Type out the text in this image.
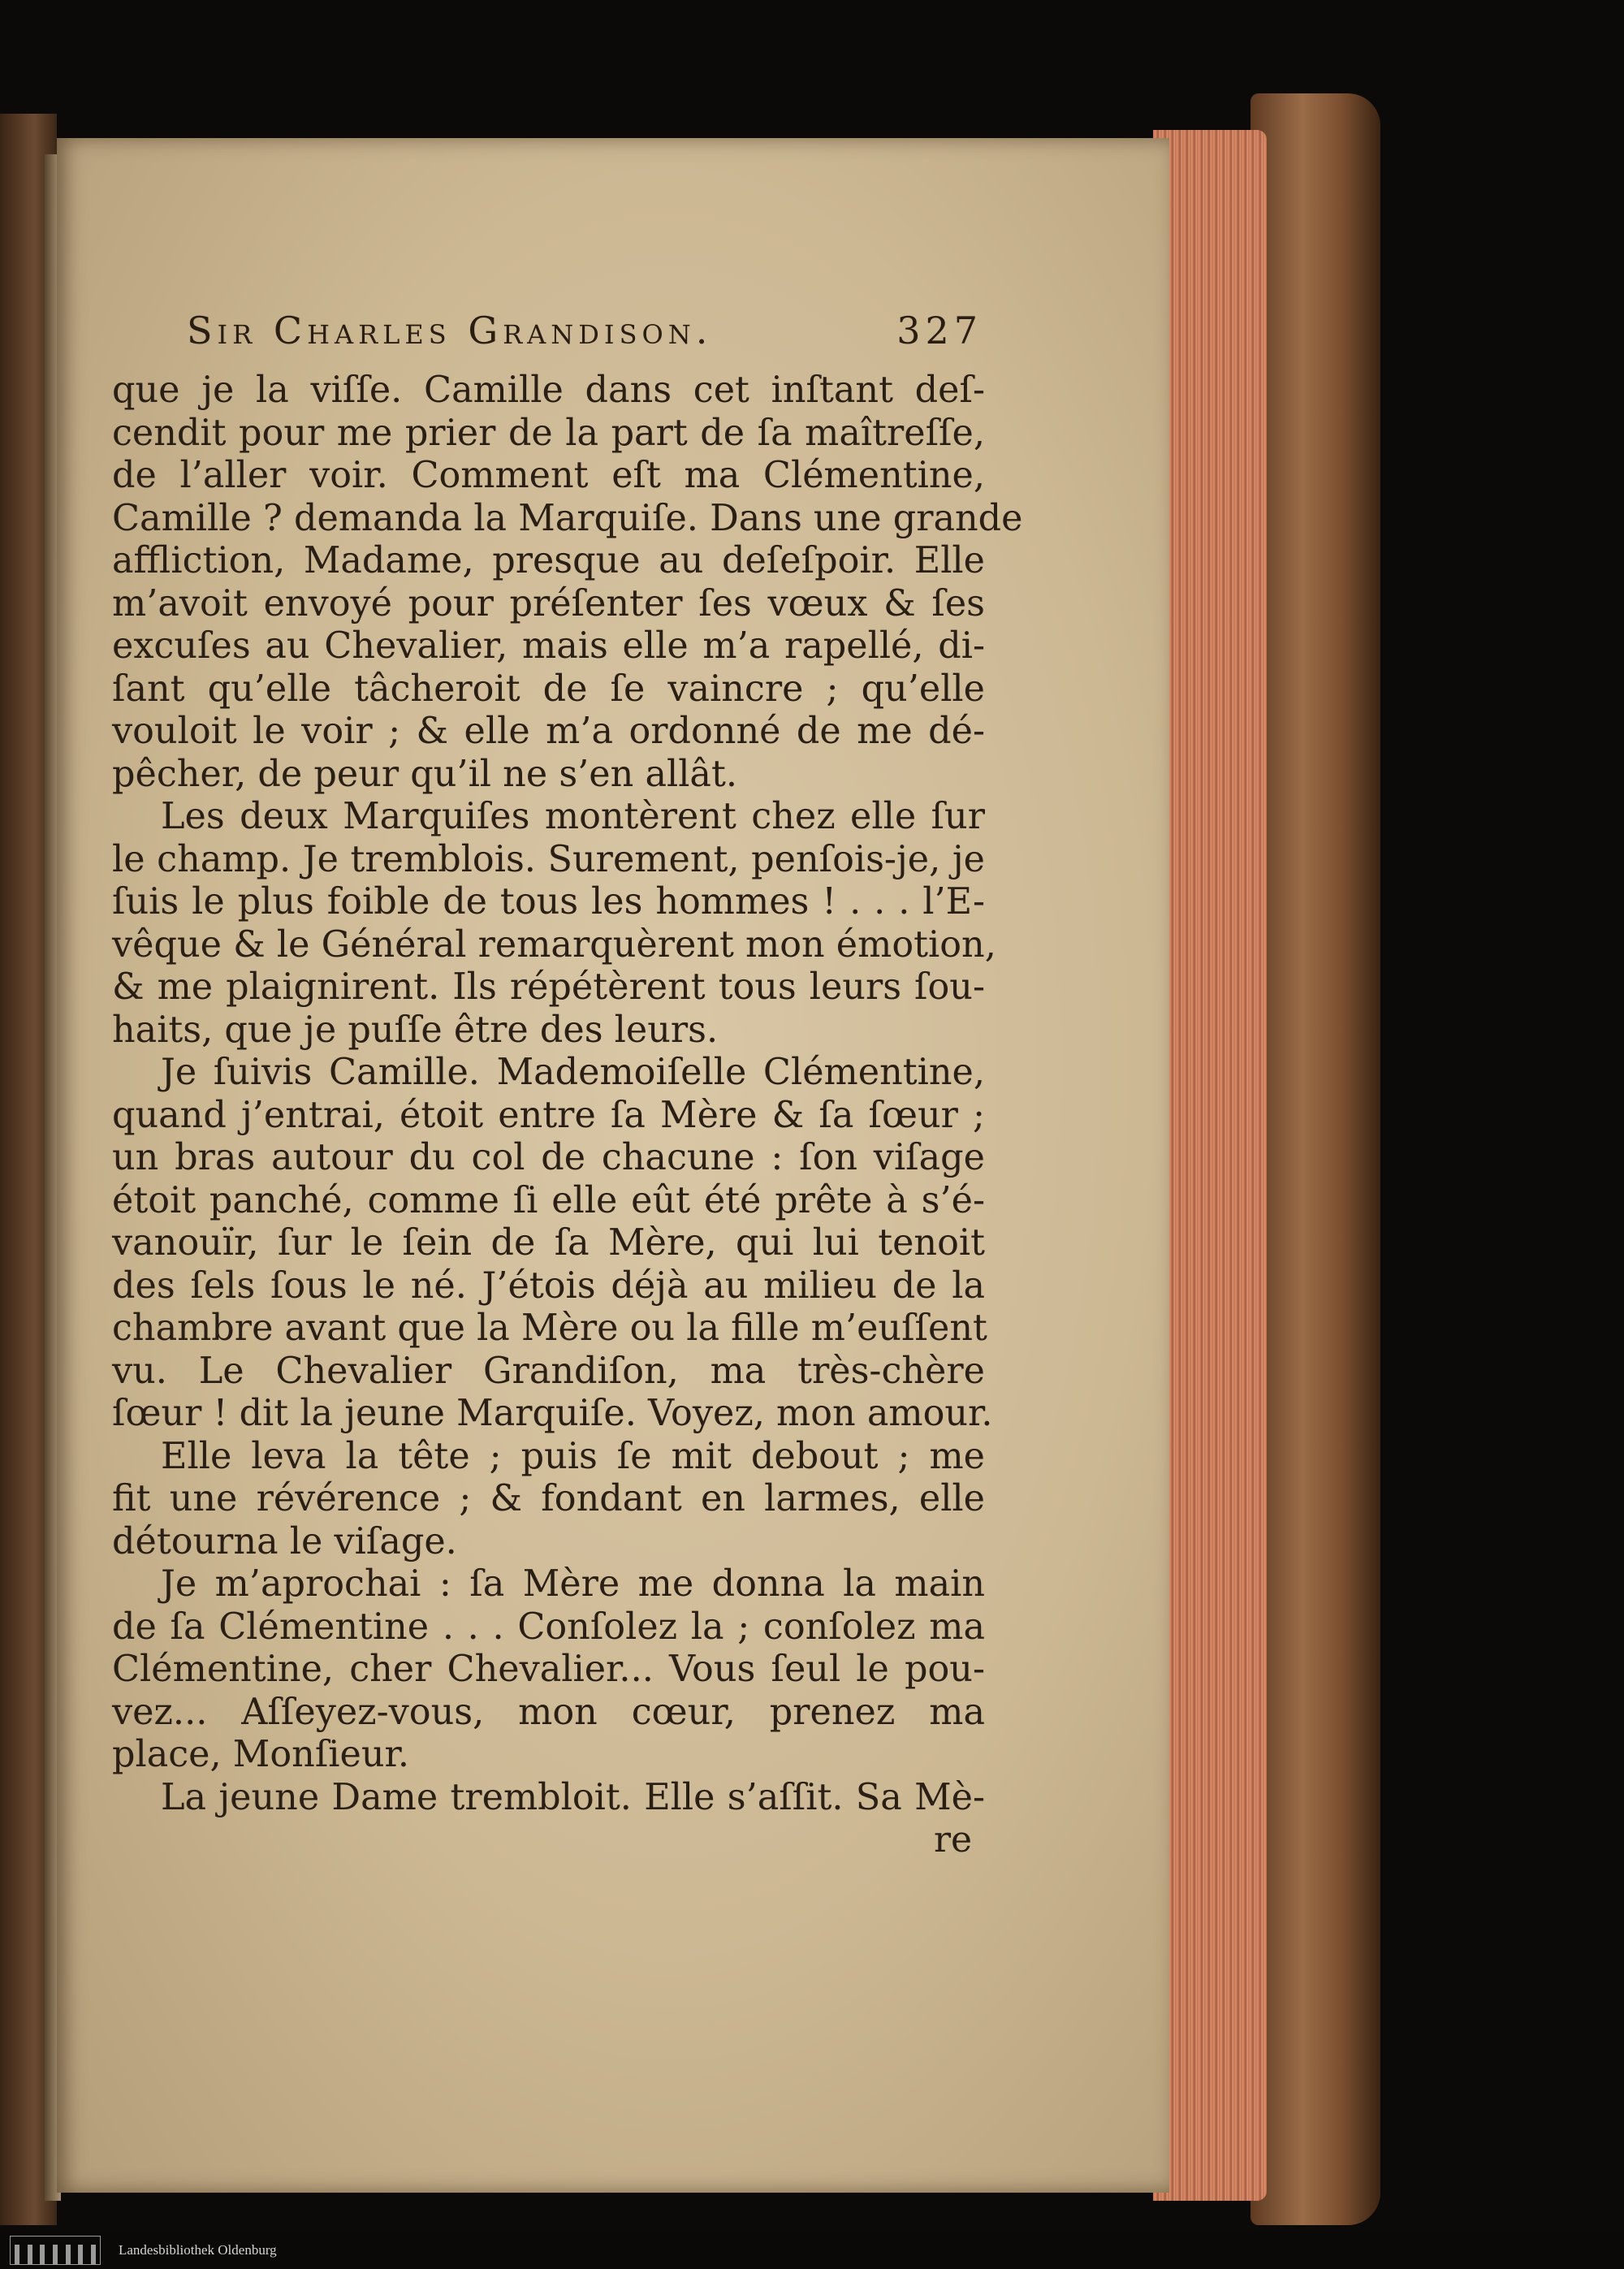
Sir Charles Grandison.	327
que je la viſſe. Camille dans cet inſtant deſ-
cendit pour me prier de la part de ſa maîtreſſe,
de l’aller voir. Comment eſt ma Clémentine,
Camille ? demanda la Marquiſe. Dans une grande
affliction, Madame, presque au deſeſpoir. Elle
m’avoit envoyé pour préſenter ſes vœux & ſes
excuſes au Chevalier, mais elle m’a rapellé, di-
ſant qu’elle tâcheroit de ſe vaincre ; qu’elle
vouloit le voir ; & elle m’a ordonné de me dé-
pêcher, de peur qu’il ne s’en allât.
Les deux Marquiſes montèrent chez elle ſur
le champ. Je tremblois. Surement, penſois-je, je
ſuis le plus foible de tous les hommes ! . . . l’E-
vêque & le Général remarquèrent mon émotion,
& me plaignirent. Ils répétèrent tous leurs ſou-
haits, que je puſſe être des leurs.
Je ſuivis Camille. Mademoiſelle Clémentine,
quand j’entrai, étoit entre ſa Mère & ſa ſœur ;
un bras autour du col de chacune : ſon viſage
étoit panché, comme ſi elle eût été prête à s’é-
vanouïr, ſur le ſein de ſa Mère, qui lui tenoit
des ſels ſous le né. J’étois déjà au milieu de la
chambre avant que la Mère ou la fille m’euſſent
vu. Le Chevalier Grandiſon, ma très-chère
ſœur ! dit la jeune Marquiſe. Voyez, mon amour.
Elle leva la tête ; puis ſe mit debout ; me
fit une révérence ; & fondant en larmes, elle
détourna le viſage.
Je m’aprochai : ſa Mère me donna la main
de ſa Clémentine . . . Conſolez la ; conſolez ma
Clémentine, cher Chevalier... Vous ſeul le pou-
vez... Aſſeyez-vous, mon cœur, prenez ma
place, Monſieur.
La jeune Dame trembloit. Elle s’aſſit. Sa Mè-
re
Landesbibliothek Oldenburg
